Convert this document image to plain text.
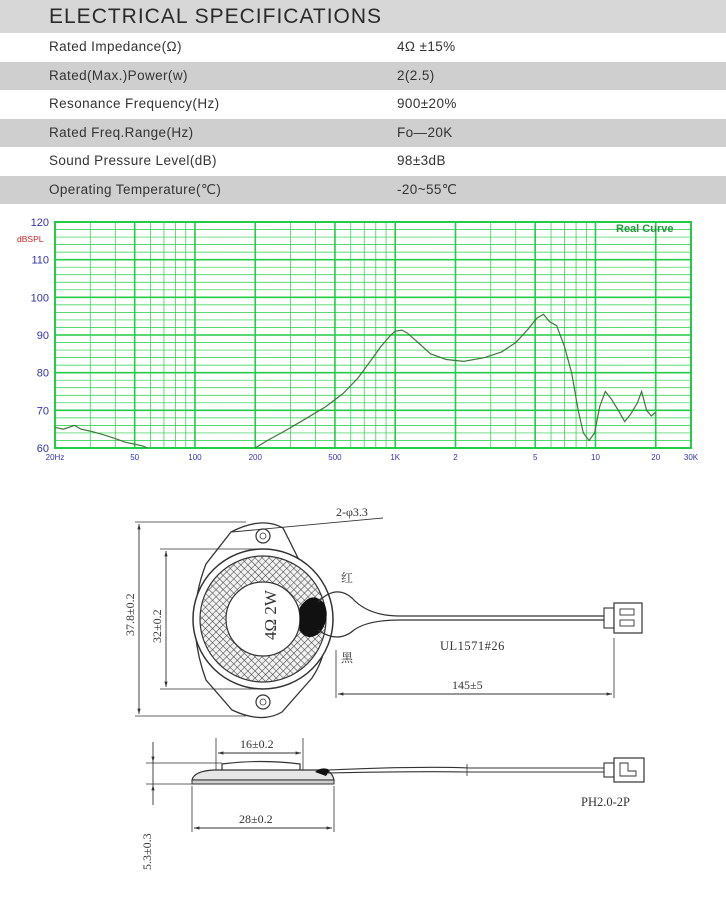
ELECTRICAL SPECIFICATIONS
Rated Impedance(Ω)	4Ω ±15%
Rated(Max.)Power(w)	2(2.5)
Resonance Frequency(Hz)	900±20%
Rated Freq.Range(Hz)	Fo—20K
Sound Pressure Level(dB)	98±3dB
Operating Temperature(℃)	-20~55℃
60
70
80
90
100
110
120
20Hz	50	100	200	500	1K	2	5	10	20	30K
dBSPL
Real Curve
4Ω 2W
红
黑
UL1571#26
2-φ3.3
37.8±0.2 32±0.2
145±5
16±0.2
PH2.0-2P
28±0.2
5.3±0.3
